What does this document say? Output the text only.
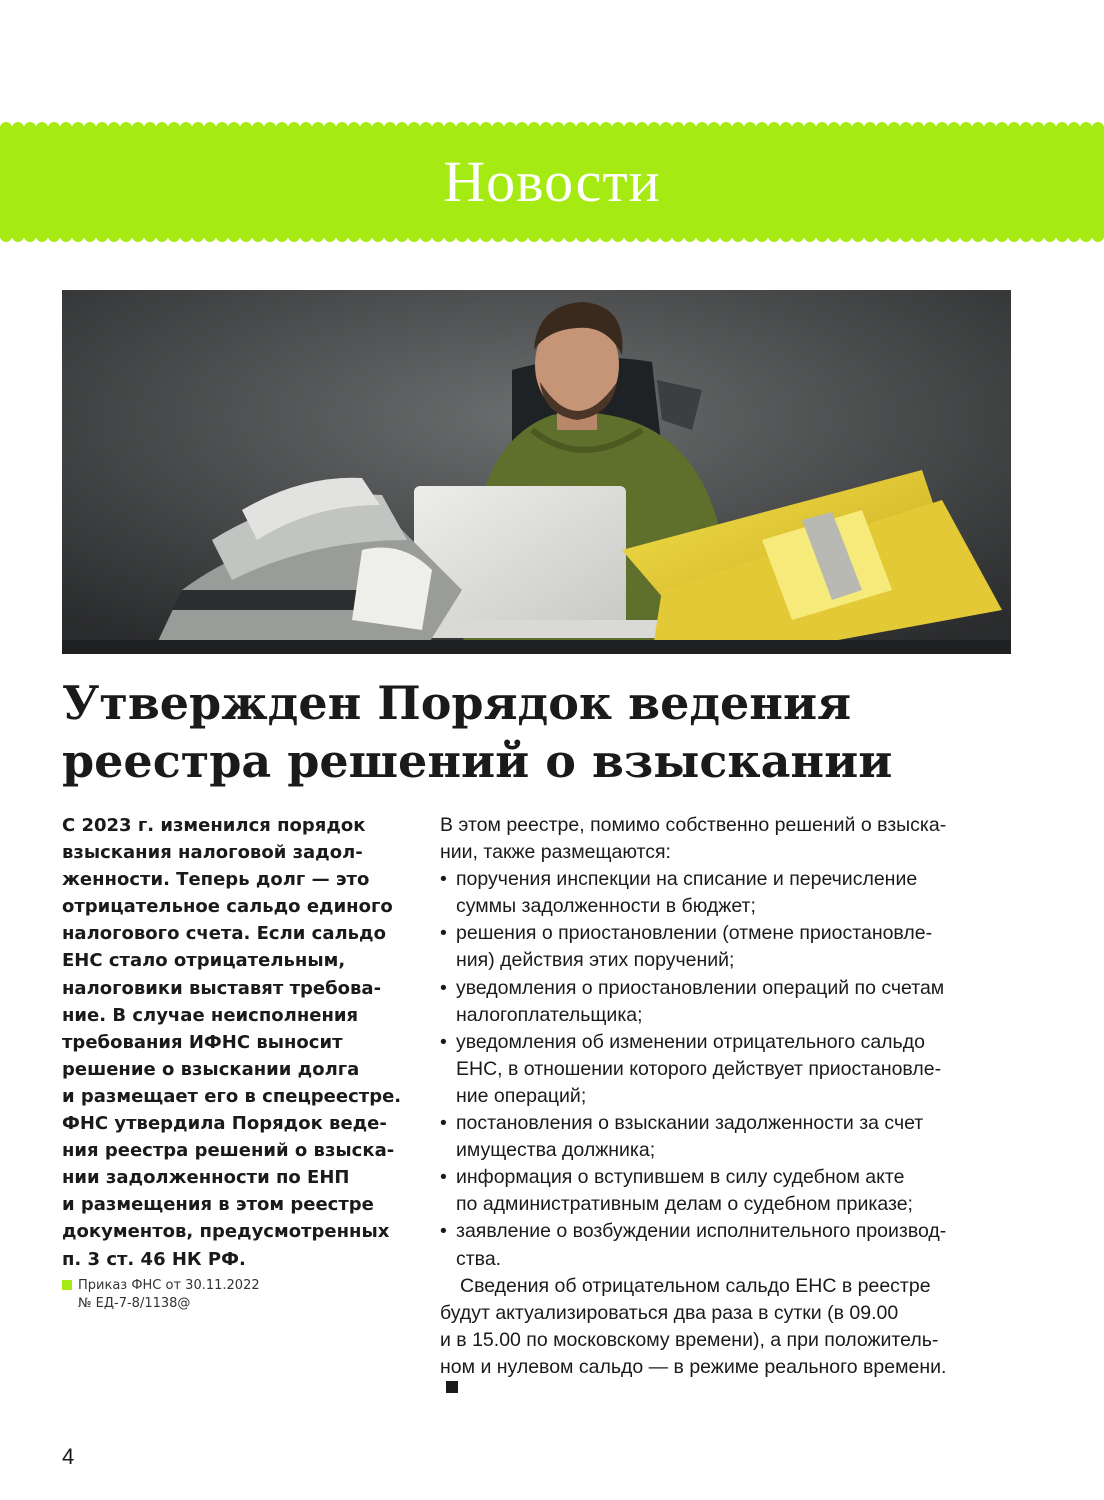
Новости
Утвержден Порядок ведения
реестра решений о взыскании
С 2023 г. изменился порядок
взыскания налоговой задол-
женности. Теперь долг — это
отрицательное сальдо единого
налогового счета. Если сальдо
ЕНС стало отрицательным,
налоговики выставят требова-
ние. В случае неисполнения
требования ИФНС выносит
решение о взыскании долга
и размещает его в спецреестре.
ФНС утвердила Порядок веде-
ния реестра решений о взыска-
нии задолженности по ЕНП
и размещения в этом реестре
документов, предусмотренных
п. 3 ст. 46 НК РФ.
Приказ ФНС от 30.11.2022
№ ЕД-7-8/1138@
В этом реестре, помимо собственно решений о взыска-
нии, также размещаются:
• поручения инспекции на списание и перечисление
суммы задолженности в бюджет;
• решения о приостановлении (отмене приостановле-
ния) действия этих поручений;
• уведомления о приостановлении операций по счетам
налогоплательщика;
• уведомления об изменении отрицательного сальдо
ЕНС, в отношении которого действует приостановле-
ние операций;
• постановления о взыскании задолженности за счет
имущества должника;
• информация о вступившем в силу судебном акте
по административным делам о судебном приказе;
• заявление о возбуждении исполнительного производ-
ства.
Сведения об отрицательном сальдо ЕНС в реестре
будут актуализироваться два раза в сутки (в 09.00
и в 15.00 по московскому времени), а при положитель-
ном и нулевом сальдо — в режиме реального времени.
4
